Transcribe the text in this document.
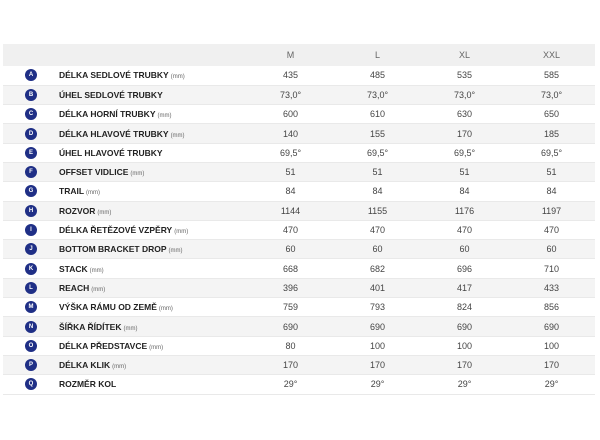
		M	L	XL	XXL
A	DÉLKA SEDLOVÉ TRUBKY (mm)	435	485	535	585
B	ÚHEL SEDLOVÉ TRUBKY	73,0°	73,0°	73,0°	73,0°
C	DÉLKA HORNÍ TRUBKY (mm)	600	610	630	650
D	DÉLKA HLAVOVÉ TRUBKY (mm)	140	155	170	185
E	ÚHEL HLAVOVÉ TRUBKY	69,5°	69,5°	69,5°	69,5°
F	OFFSET VIDLICE (mm)	51	51	51	51
G	TRAIL (mm)	84	84	84	84
H	ROZVOR (mm)	1144	1155	1176	1197
I	DÉLKA ŘETĚZOVÉ VZPĚRY (mm)	470	470	470	470
J	BOTTOM BRACKET DROP (mm)	60	60	60	60
K	STACK (mm)	668	682	696	710
L	REACH (mm)	396	401	417	433
M	VÝŠKA RÁMU OD ZEMĚ (mm)	759	793	824	856
N	ŠÍŘKA ŘÍDÍTEK (mm)	690	690	690	690
O	DÉLKA PŘEDSTAVCE (mm)	80	100	100	100
P	DÉLKA KLIK (mm)	170	170	170	170
Q	ROZMĚR KOL	29°	29°	29°	29°
